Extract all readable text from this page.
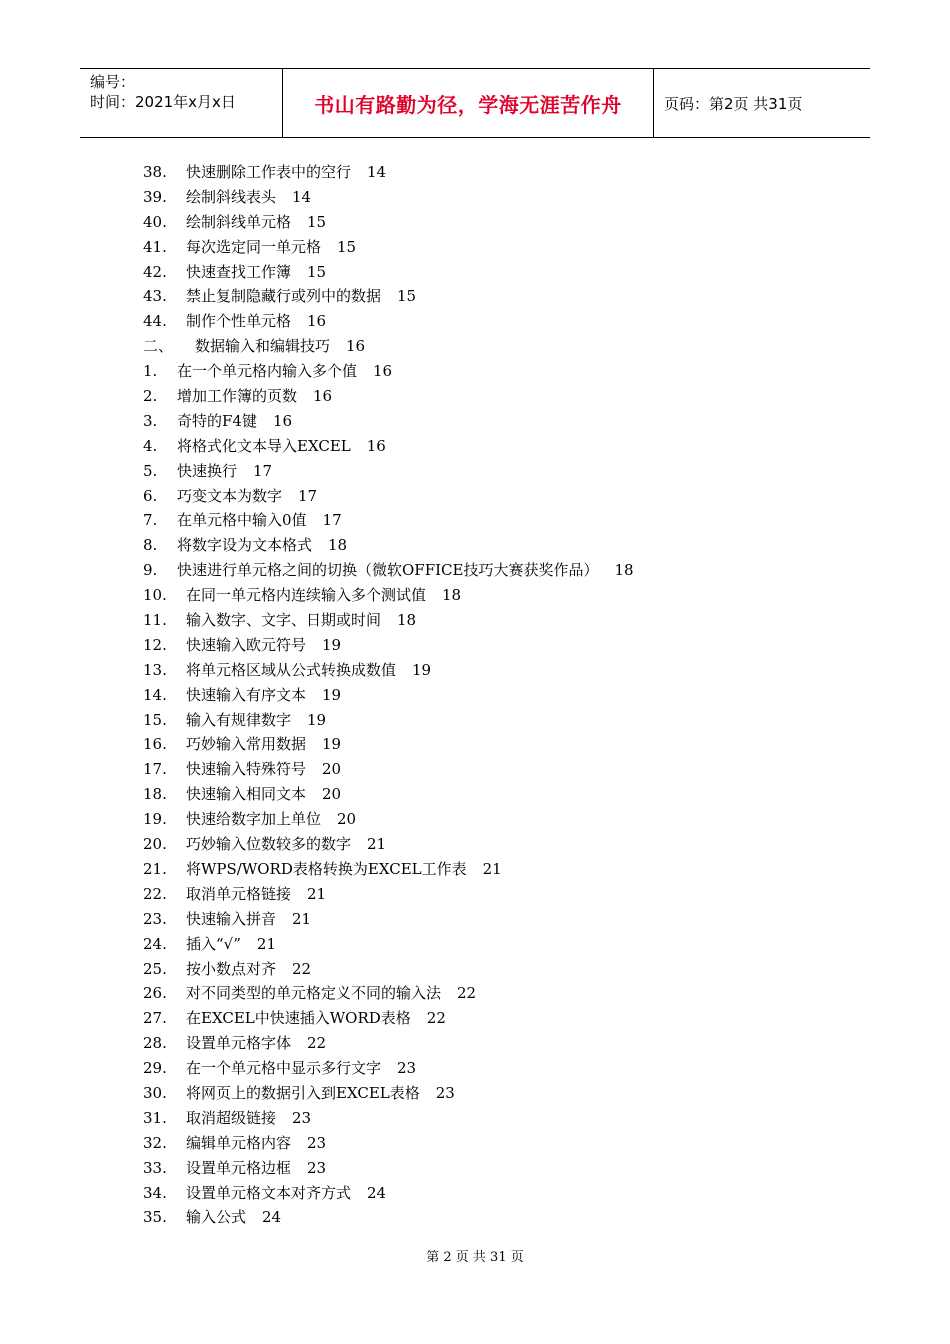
编号：
时间：2021年x月x日	书山有路勤为径，学海无涯苦作舟	页码：第2页 共31页
38. 快速删除工作表中的空行 14
39. 绘制斜线表头 14
40. 绘制斜线单元格 15
41. 每次选定同一单元格 15
42. 快速查找工作簿 15
43. 禁止复制隐藏行或列中的数据 15
44. 制作个性单元格 16
二、 数据输入和编辑技巧 16
1. 在一个单元格内输入多个值 16
2. 增加工作簿的页数 16
3. 奇特的F4键 16
4. 将格式化文本导入EXCEL 16
5. 快速换行 17
6. 巧变文本为数字 17
7. 在单元格中输入0值 17
8. 将数字设为文本格式 18
9. 快速进行单元格之间的切换（微软OFFICE技巧大赛获奖作品） 18
10. 在同一单元格内连续输入多个测试值 18
11. 输入数字、文字、日期或时间 18
12. 快速输入欧元符号 19
13. 将单元格区域从公式转换成数值 19
14. 快速输入有序文本 19
15. 输入有规律数字 19
16. 巧妙输入常用数据 19
17. 快速输入特殊符号 20
18. 快速输入相同文本 20
19. 快速给数字加上单位 20
20. 巧妙输入位数较多的数字 21
21. 将WPS/WORD表格转换为EXCEL工作表 21
22. 取消单元格链接 21
23. 快速输入拼音 21
24. 插入“√” 21
25. 按小数点对齐 22
26. 对不同类型的单元格定义不同的输入法 22
27. 在EXCEL中快速插入WORD表格 22
28. 设置单元格字体 22
29. 在一个单元格中显示多行文字 23
30. 将网页上的数据引入到EXCEL表格 23
31. 取消超级链接 23
32. 编辑单元格内容 23
33. 设置单元格边框 23
34. 设置单元格文本对齐方式 24
35. 输入公式 24
第 2 页 共 31 页
